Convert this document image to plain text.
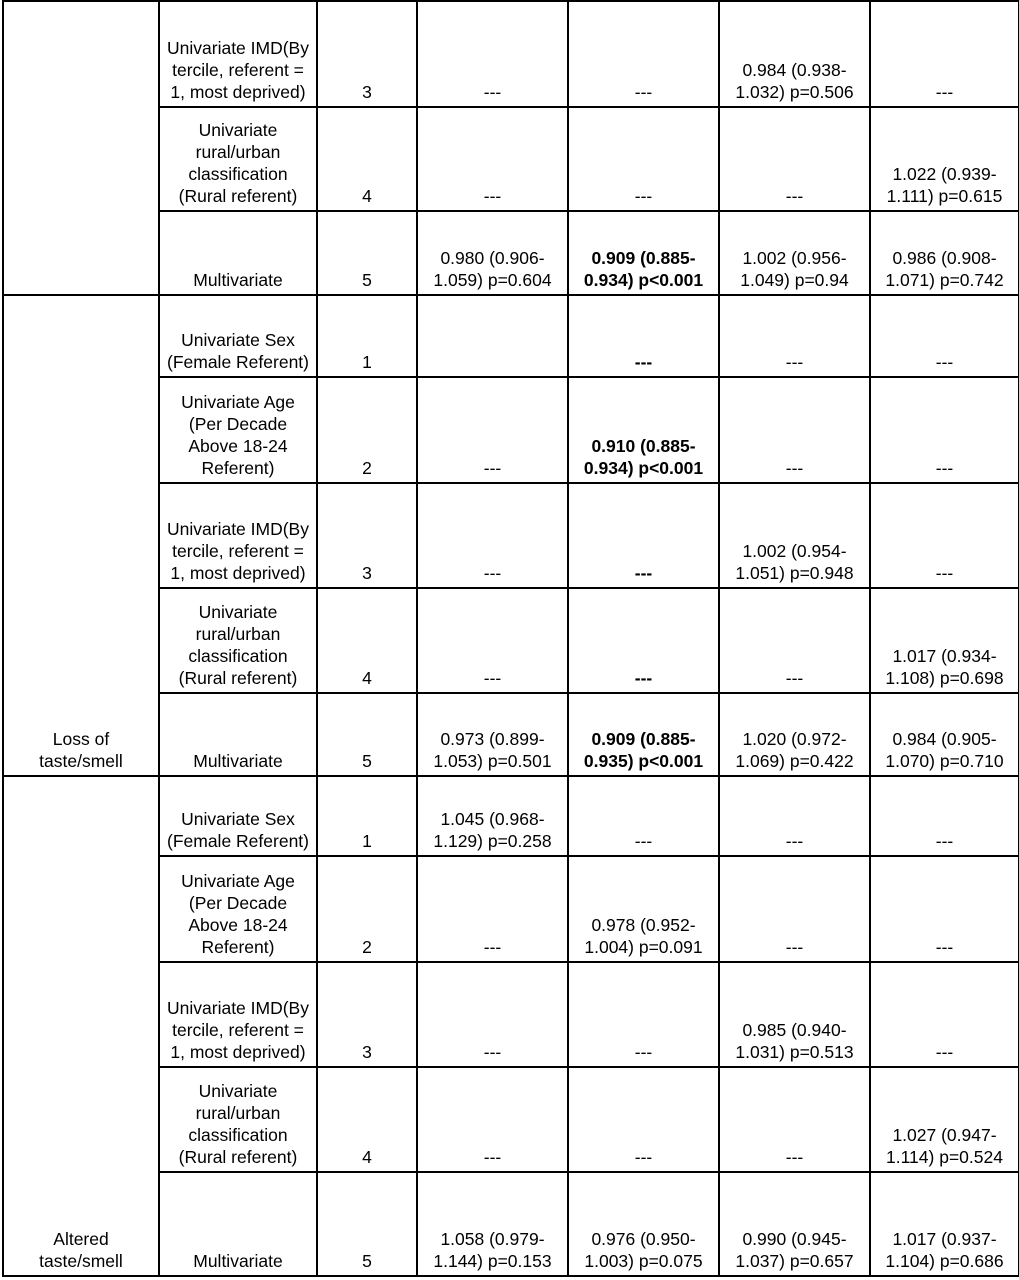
	Univariate IMD(By tercile, referent = 1, most deprived)	3	---	---	0.984 (0.938-1.032) p=0.506	---
	Univariate rural/urban classification (Rural referent)	4	---	---	---	1.022 (0.939-1.111) p=0.615
	Multivariate	5	0.980 (0.906-1.059) p=0.604	0.909 (0.885-0.934) p<0.001	1.002 (0.956-1.049) p=0.94	0.986 (0.908-1.071) p=0.742
Loss of taste/smell	Univariate Sex (Female Referent)	1		---	---	---
	Univariate Age (Per Decade Above 18-24 Referent)	2	---	0.910 (0.885-0.934) p<0.001	---	---
	Univariate IMD(By tercile, referent = 1, most deprived)	3	---	---	1.002 (0.954-1.051) p=0.948	---
	Univariate rural/urban classification (Rural referent)	4	---	---	---	1.017 (0.934-1.108) p=0.698
	Multivariate	5	0.973 (0.899-1.053) p=0.501	0.909 (0.885-0.935) p<0.001	1.020 (0.972-1.069) p=0.422	0.984 (0.905-1.070) p=0.710
Altered taste/smell	Univariate Sex (Female Referent)	1	1.045 (0.968-1.129) p=0.258	---	---	---
	Univariate Age (Per Decade Above 18-24 Referent)	2	---	0.978 (0.952-1.004) p=0.091	---	---
	Univariate IMD(By tercile, referent = 1, most deprived)	3	---	---	0.985 (0.940-1.031) p=0.513	---
	Univariate rural/urban classification (Rural referent)	4	---	---	---	1.027 (0.947-1.114) p=0.524
	Multivariate	5	1.058 (0.979-1.144) p=0.153	0.976 (0.950-1.003) p=0.075	0.990 (0.945-1.037) p=0.657	1.017 (0.937-1.104) p=0.686
